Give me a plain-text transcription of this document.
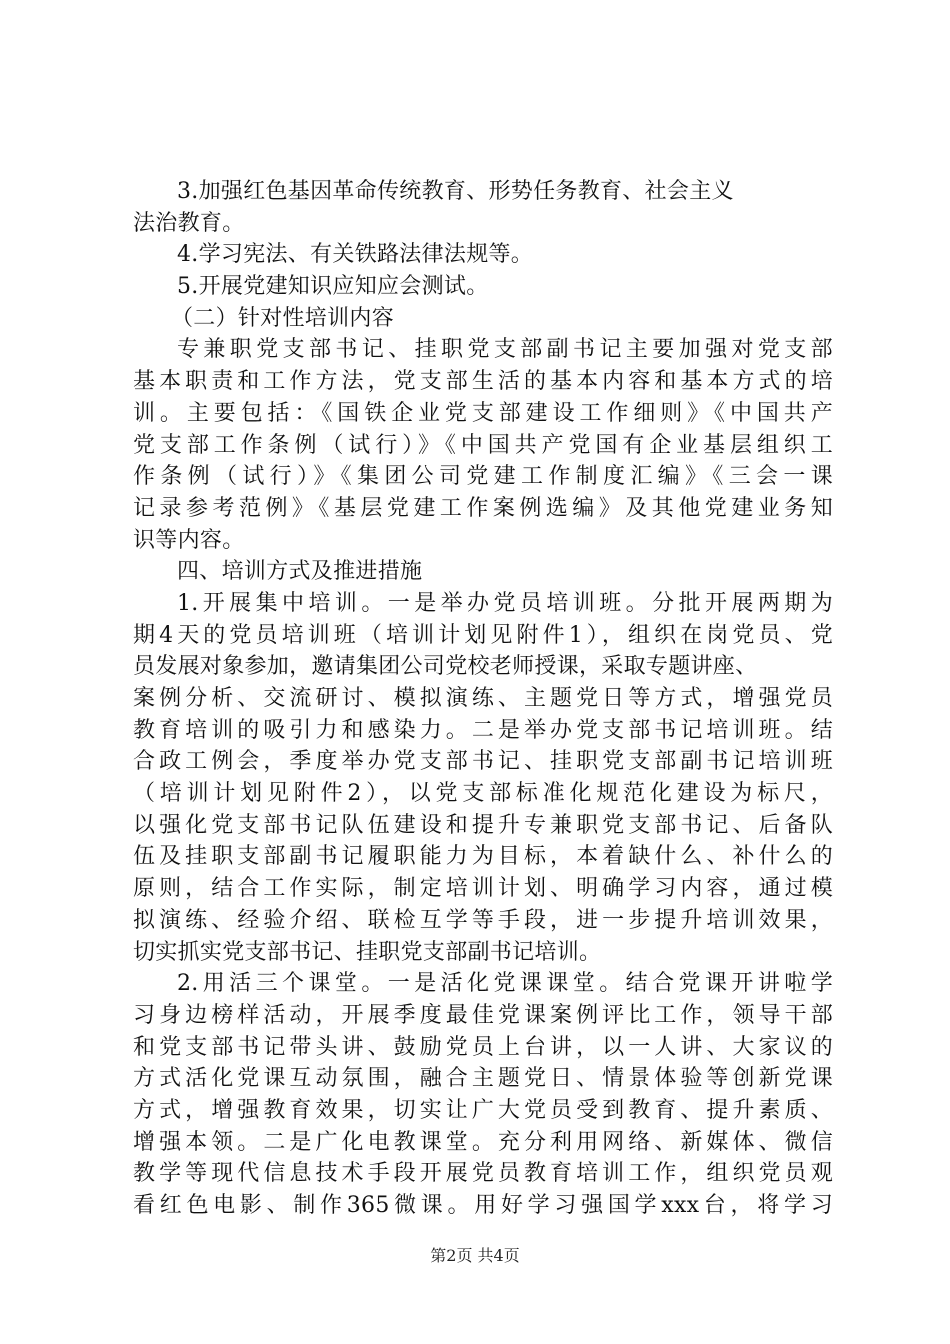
3.加强红色基因革命传统教育、形势任务教育、社会主义
法治教育。
4.学习宪法、有关铁路法律法规等。
5.开展党建知识应知应会测试。
（二）针对性培训内容
专兼职党支部书记、挂职党支部副书记主要加强对党支部
基本职责和工作方法，党支部生活的基本内容和基本方式的培
训。主要包括：《国铁企业党支部建设工作细则》《中国共产
党支部工作条例（试行）》《中国共产党国有企业基层组织工
作条例（试行）》《集团公司党建工作制度汇编》《三会一课
记录参考范例》《基层党建工作案例选编》及其他党建业务知
识等内容。
四、培训方式及推进措施
1.开展集中培训。一是举办党员培训班。分批开展两期为
期4天的党员培训班（培训计划见附件1），组织在岗党员、党
员发展对象参加，邀请集团公司党校老师授课，采取专题讲座、
案例分析、交流研讨、模拟演练、主题党日等方式，增强党员
教育培训的吸引力和感染力。二是举办党支部书记培训班。结
合政工例会，季度举办党支部书记、挂职党支部副书记培训班
（培训计划见附件2），以党支部标准化规范化建设为标尺，
以强化党支部书记队伍建设和提升专兼职党支部书记、后备队
伍及挂职支部副书记履职能力为目标，本着缺什么、补什么的
原则，结合工作实际，制定培训计划、明确学习内容，通过模
拟演练、经验介绍、联检互学等手段，进一步提升培训效果，
切实抓实党支部书记、挂职党支部副书记培训。
2.用活三个课堂。一是活化党课课堂。结合党课开讲啦学
习身边榜样活动，开展季度最佳党课案例评比工作，领导干部
和党支部书记带头讲、鼓励党员上台讲，以一人讲、大家议的
方式活化党课互动氛围，融合主题党日、情景体验等创新党课
方式，增强教育效果，切实让广大党员受到教育、提升素质、
增强本领。二是广化电教课堂。充分利用网络、新媒体、微信
教学等现代信息技术手段开展党员教育培训工作，组织党员观
看红色电影、制作365微课。用好学习强国学xxx台，将学习
第2页 共4页
